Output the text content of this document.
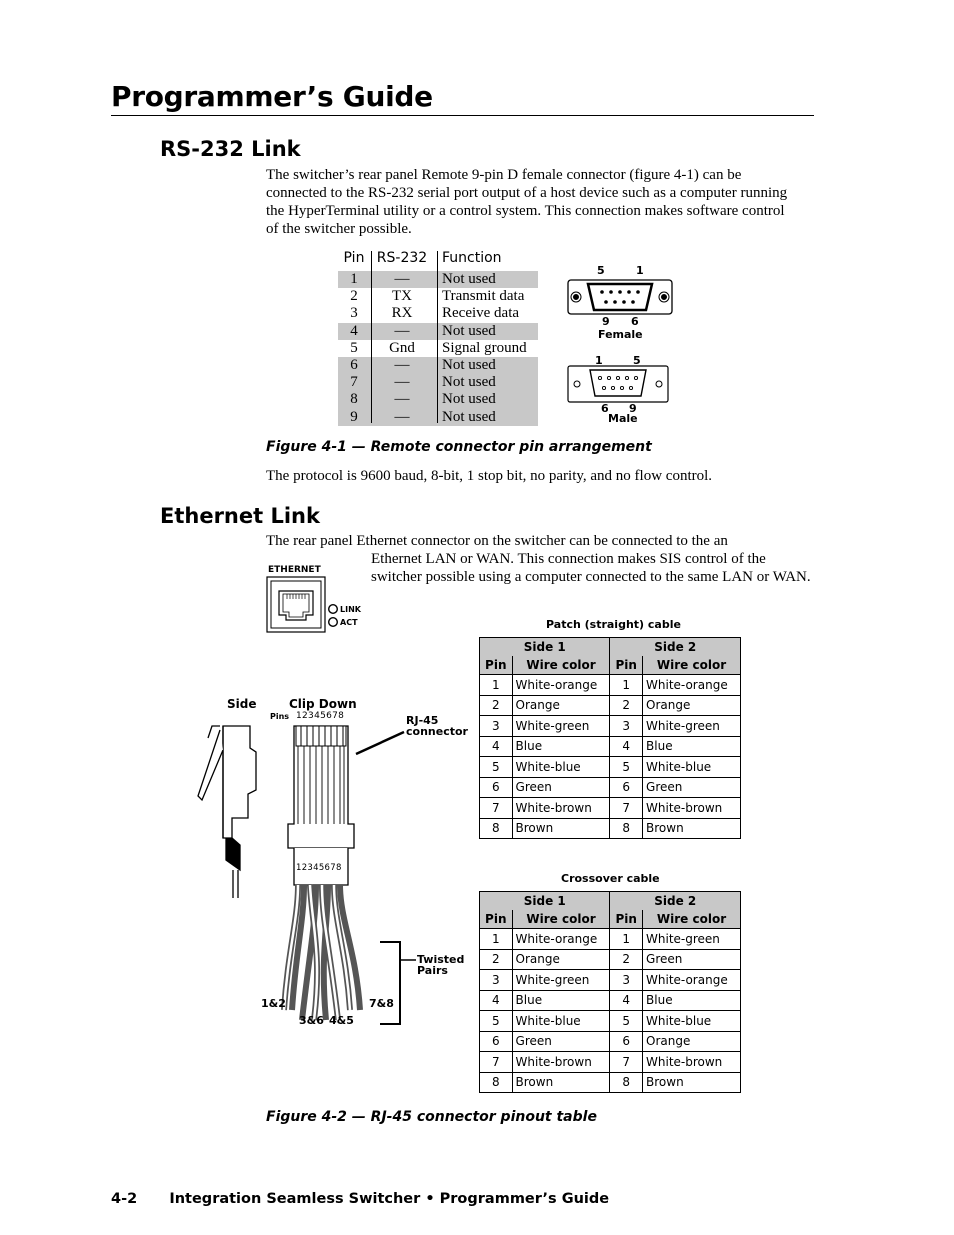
Programmer’s Guide
RS-232 Link
The switcher’s rear panel Remote 9-pin D female connector (figure 4-1) can be connected to the RS-232 serial port output of a host device such as a computer running the HyperTerminal utility or a control system. This connection makes software control of the switcher possible.
Pin RS-232	Function
1	—	Not used
2	TX	Transmit data
3	RX	Receive data
4	—	Not used
5	Gnd	Signal ground
6	—	Not used
7	—	Not used
8	—	Not used
9	—	Not used
5	1
9 6
Female
1	5
6 9
Male
Figure 4-1 — Remote connector pin arrangement
The protocol is 9600 baud, 8-bit, 1 stop bit, no parity, and no flow control.
Ethernet Link
The rear panel Ethernet connector on the switcher can be connected to the an
Ethernet LAN or WAN. This connection makes SIS control of the switcher possible using a computer connected to the same LAN or WAN.
ETHERNET
LINK
ACT
Side	Clip Down
Pins 12345678	RJ-45
connector
12345678
Twisted
Pairs
1&2	7&8
3&6 4&5
Patch (straight) cable
Side 1		Side 2	
Pin	Wire color	Pin	Wire color
1	White-orange	1	White-orange
2	Orange	2	Orange
3	White-green	3	White-green
4	Blue	4	Blue
5	White-blue	5	White-blue
6	Green	6	Green
7	White-brown	7	White-brown
8	Brown	8	Brown
Crossover cable
Side 1		Side 2	
Pin	Wire color	Pin	Wire color
1	White-orange	1	White-green
2	Orange	2	Green
3	White-green	3	White-orange
4	Blue	4	Blue
5	White-blue	5	White-blue
6	Green	6	Orange
7	White-brown	7	White-brown
8	Brown	8	Brown
Figure 4-2 — RJ-45 connector pinout table
4-2 Integration Seamless Switcher • Programmer’s Guide
